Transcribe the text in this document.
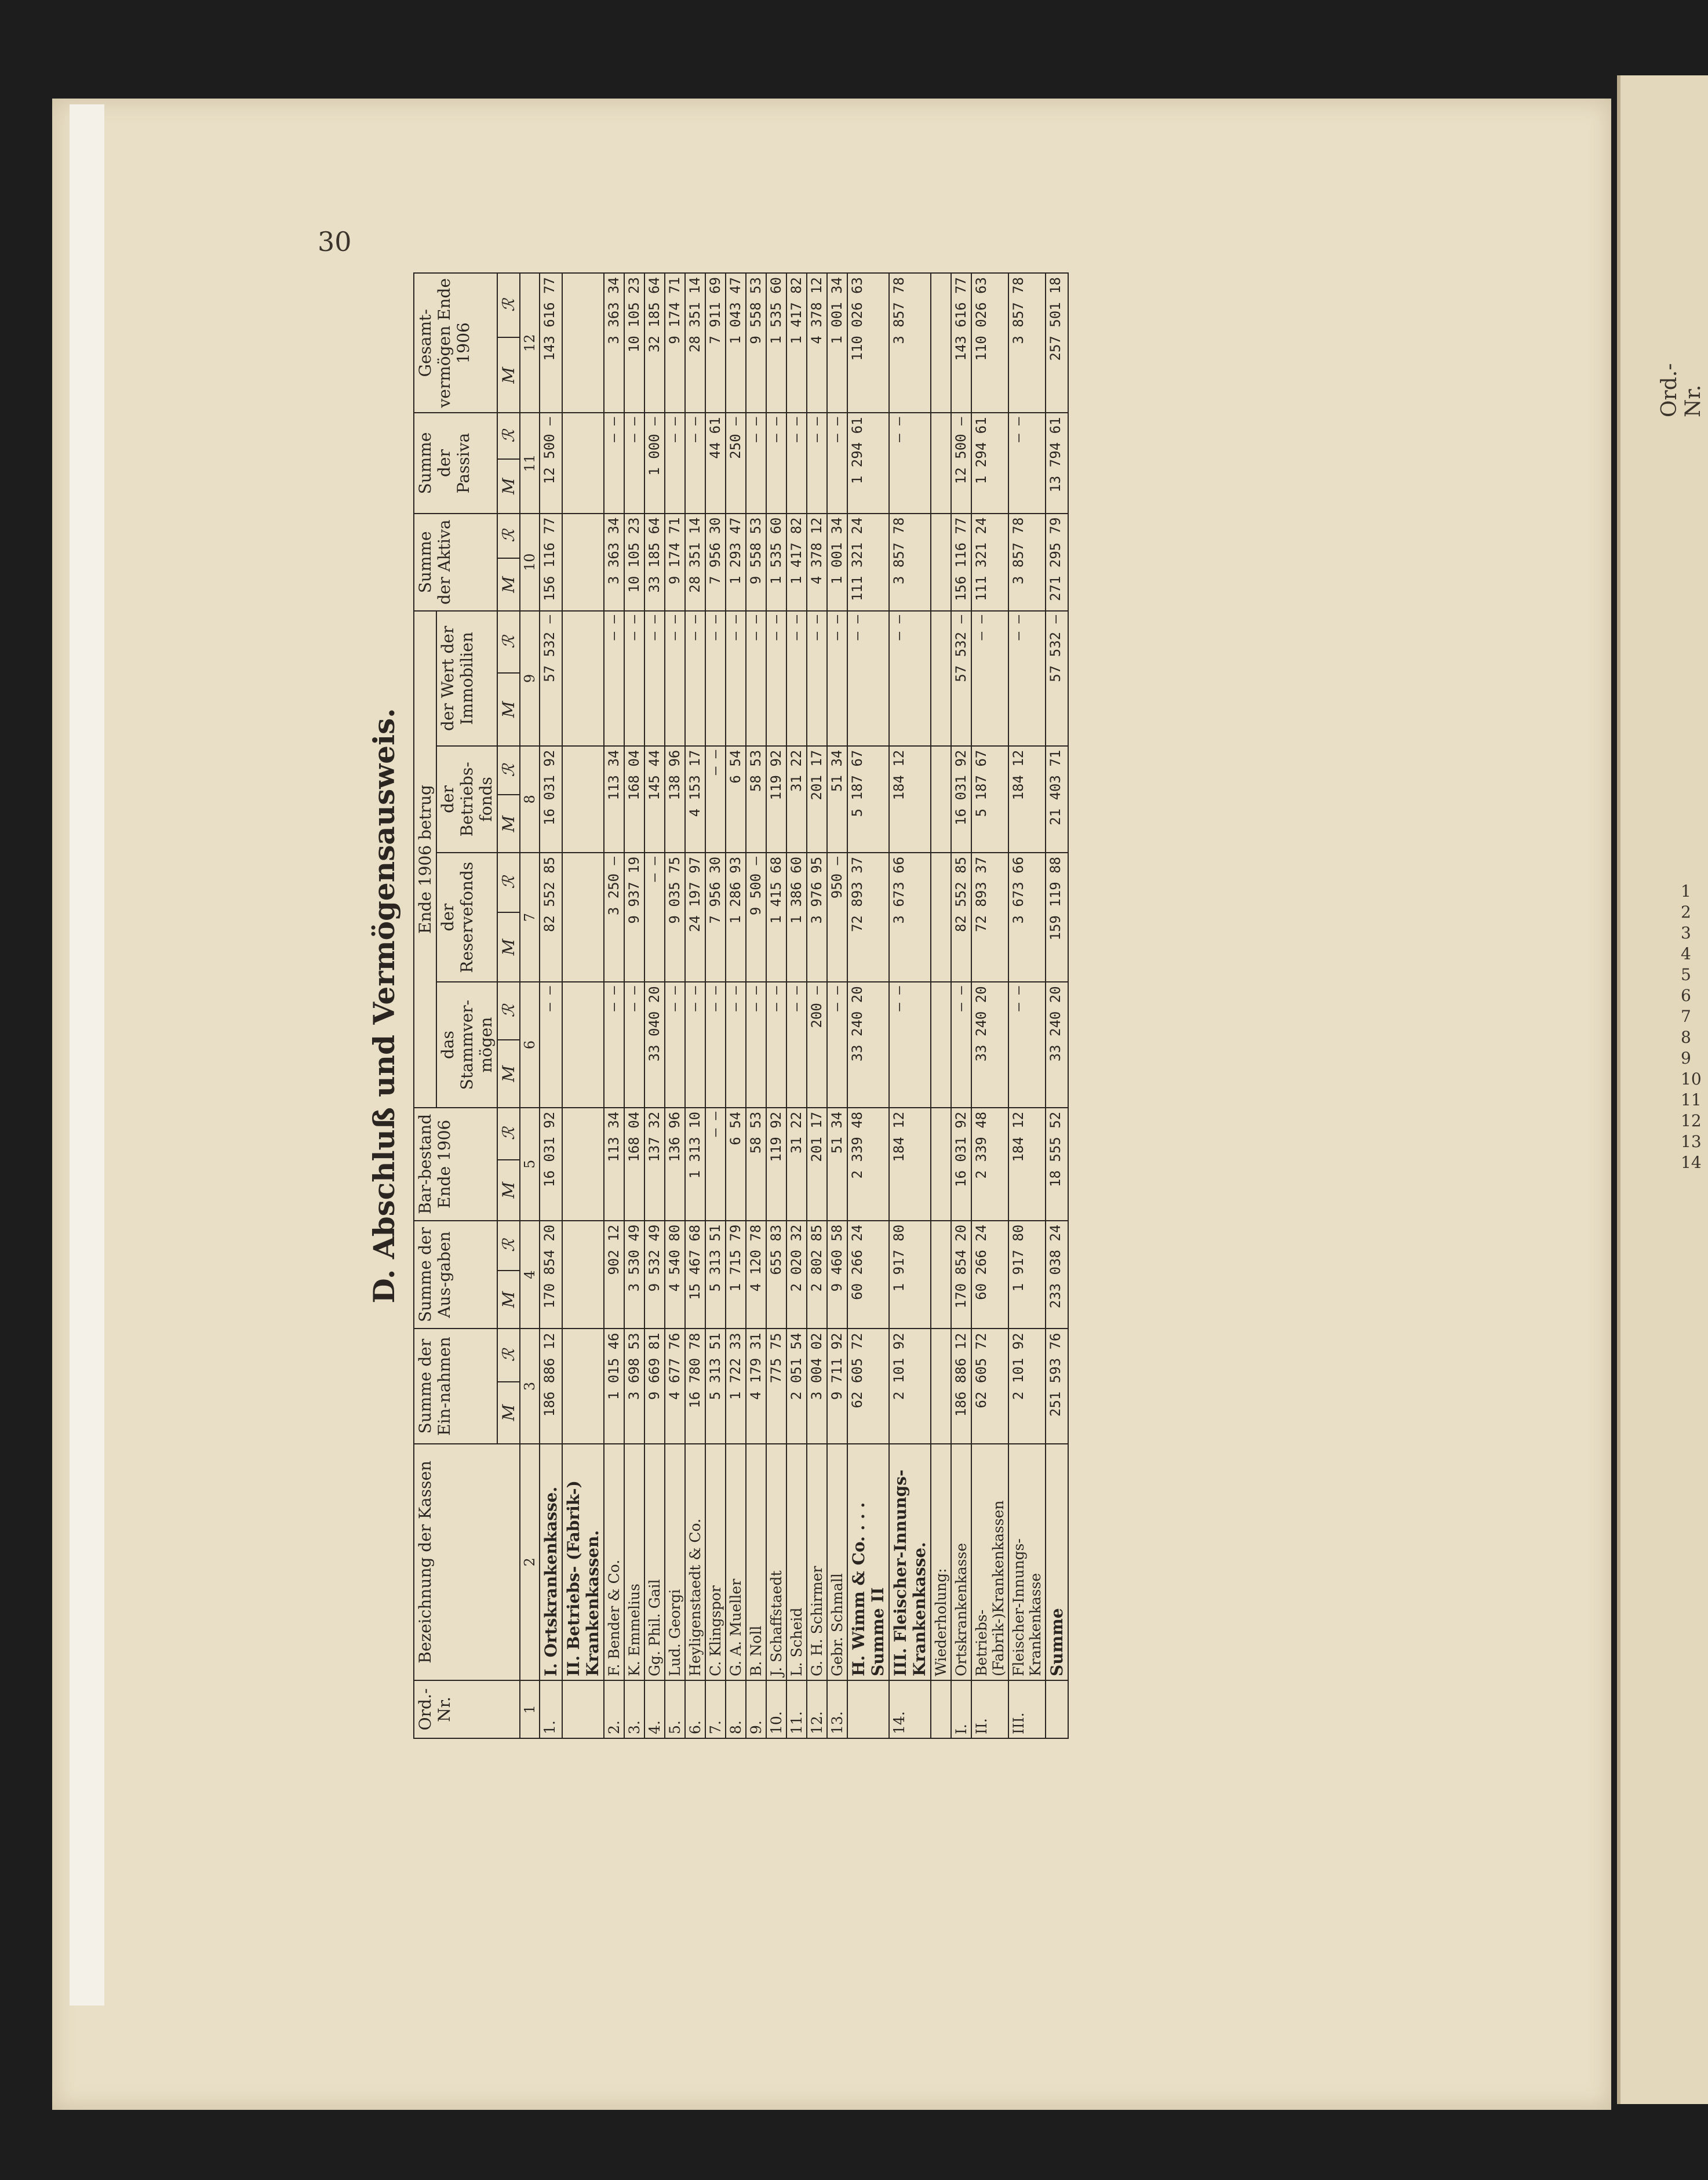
30
D. Abschluß und Vermögensausweis.
Ord.-Nr.	Bezeichnung der Kassen	Summe der Ein-nahmen		Summe der Aus-gaben		Bar-bestand Ende 1906		Ende 1906 betrug								Summe der Aktiva		Summe der Passiva		Gesamt-vermögen Ende 1906	
								das Stammver-mögen		der Reservefonds		der Betriebs-fonds		der Wert der Immobilien							
		M	ℛ	M	ℛ	M	ℛ	M	ℛ	M	ℛ	M	ℛ	M	ℛ	M	ℛ	M	ℛ	M	ℛ
1	2	3		4		5		6		7		8		9		10		11		12	
1.	I. Ortskrankenkasse.	186 886 12		170 854 20		16 031 92		— —		82 552 85		16 031 92		57 532 —		156 116 77		12 500 —		143 616 77	
	II. Betriebs- (Fabrik-) Krankenkassen.																				
2.	F. Bender & Co.	1 015 46		902 12		113 34		— —		3 250 —		113 34		— —		3 363 34		— —		3 363 34	
3.	K. Emmelius	3 698 53		3 530 49		168 04		— —		9 937 19		168 04		— —		10 105 23		— —		10 105 23	
4.	Gg. Phil. Gail	9 669 81		9 532 49		137 32		33 040 20		— —		145 44		— —		33 185 64		1 000 —		32 185 64	
5.	Lud. Georgi	4 677 76		4 540 80		136 96		— —		9 035 75		138 96		— —		9 174 71		— —		9 174 71	
6.	Heyligenstaedt & Co.	16 780 78		15 467 68		1 313 10		— —		24 197 97		4 153 17		— —		28 351 14		— —		28 351 14	
7.	C. Klingspor	5 313 51		5 313 51		— —		— —		7 956 30		— —		— —		7 956 30		44 61		7 911 69	
8.	G. A. Mueller	1 722 33		1 715 79		6 54		— —		1 286 93		6 54		— —		1 293 47		250 —		1 043 47	
9.	B. Noll	4 179 31		4 120 78		58 53		— —		9 500 —		58 53		— —		9 558 53		— —		9 558 53	
10.	J. Schaffstaedt	775 75		655 83		119 92		— —		1 415 68		119 92		— —		1 535 60		— —		1 535 60	
11.	L. Scheid	2 051 54		2 020 32		31 22		— —		1 386 60		31 22		— —		1 417 82		— —		1 417 82	
12.	G. H. Schirmer	3 004 02		2 802 85		201 17		200 —		3 976 95		201 17		— —		4 378 12		— —		4 378 12	
13.	Gebr. Schmall	9 711 92		9 460 58		51 34		— —		950 —		51 34		— —		1 001 34		— —		1 001 34	
	H. Wimm & Co. . . . Summe II	62 605 72		60 266 24		2 339 48		33 240 20		72 893 37		5 187 67		— —		111 321 24		1 294 61		110 026 63	
14.	III. Fleischer-Innungs-Krankenkasse.	2 101 92		1 917 80		184 12		— —		3 673 66		184 12		— —		3 857 78		— —		3 857 78	
	Wiederholung:																				
I.	Ortskrankenkasse	186 886 12		170 854 20		16 031 92		— —		82 552 85		16 031 92		57 532 —		156 116 77		12 500 —		143 616 77	
II.	Betriebs-(Fabrik-)Krankenkassen	62 605 72		60 266 24		2 339 48		33 240 20		72 893 37		5 187 67		— —		111 321 24		1 294 61		110 026 63	
III.	Fleischer-Innungs-Krankenkasse	2 101 92		1 917 80		184 12		— —		3 673 66		184 12		— —		3 857 78		— —		3 857 78	
	Summe	251 593 76		233 038 24		18 555 52		33 240 20		159 119 88		21 403 71		57 532 —		271 295 79		13 794 61		257 501 18	
Ord.-Nr.
1
2
3
4
5
6
7
8
9
10
11
12
13
14
